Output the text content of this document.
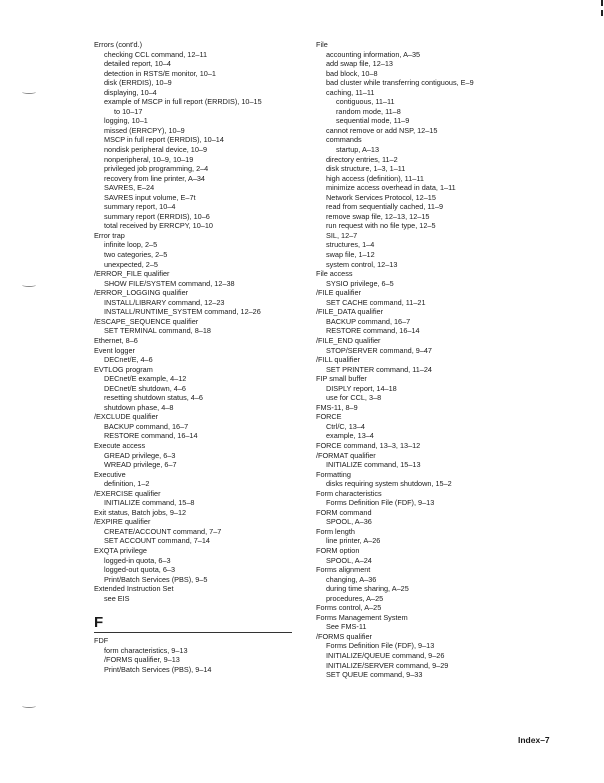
Errors (cont'd.)
checking CCL command, 12–11
detailed report, 10–4
detection in RSTS/E monitor, 10–1
disk (ERRDIS), 10–9
displaying, 10–4
example of MSCP in full report (ERRDIS), 10–15
to 10–17
logging, 10–1
missed (ERRCPY), 10–9
MSCP in full report (ERRDIS), 10–14
nondisk peripheral device, 10–9
nonperipheral, 10–9, 10–19
privileged job programming, 2–4
recovery from line printer, A–34
SAVRES, E–24
SAVRES input volume, E–7t
summary report, 10–4
summary report (ERRDIS), 10–6
total received by ERRCPY, 10–10
Error trap
infinite loop, 2–5
two categories, 2–5
unexpected, 2–5
/ERROR_FILE qualifier
SHOW FILE/SYSTEM command, 12–38
/ERROR_LOGGING qualifier
INSTALL/LIBRARY command, 12–23
INSTALL/RUNTIME_SYSTEM command, 12–26
/ESCAPE_SEQUENCE qualifier
SET TERMINAL command, 8–18
Ethernet, 8–6
Event logger
DECnet/E, 4–6
EVTLOG program
DECnet/E example, 4–12
DECnet/E shutdown, 4–6
resetting shutdown status, 4–6
shutdown phase, 4–8
/EXCLUDE qualifier
BACKUP command, 16–7
RESTORE command, 16–14
Execute access
GREAD privilege, 6–3
WREAD privilege, 6–7
Executive
definition, 1–2
/EXERCISE qualifier
INITIALIZE command, 15–8
Exit status, Batch jobs, 9–12
/EXPIRE qualifier
CREATE/ACCOUNT command, 7–7
SET ACCOUNT command, 7–14
EXQTA privilege
logged-in quota, 6–3
logged-out quota, 6–3
Print/Batch Services (PBS), 9–5
Extended Instruction Set
see EIS
F
FDF
form characteristics, 9–13
/FORMS qualifier, 9–13
Print/Batch Services (PBS), 9–14
File
accounting information, A–35
add swap file, 12–13
bad block, 10–8
bad cluster while transferring contiguous, E–9
caching, 11–11
contiguous, 11–11
random mode, 11–8
sequential mode, 11–9
cannot remove or add NSP, 12–15
commands
startup, A–13
directory entries, 11–2
disk structure, 1–3, 1–11
high access (definition), 11–11
minimize access overhead in data, 1–11
Network Services Protocol, 12–15
read from sequentially cached, 11–9
remove swap file, 12–13, 12–15
run request with no file type, 12–5
SIL, 12–7
structures, 1–4
swap file, 1–12
system control, 12–13
File access
SYSIO privilege, 6–5
/FILE qualifier
SET CACHE command, 11–21
/FILE_DATA qualifier
BACKUP command, 16–7
RESTORE command, 16–14
/FILE_END qualifier
STOP/SERVER command, 9–47
/FILL qualifier
SET PRINTER command, 11–24
FIP small buffer
DISPLY report, 14–18
use for CCL, 3–8
FMS-11, 8–9
FORCE
Ctrl/C, 13–4
example, 13–4
FORCE command, 13–3, 13–12
/FORMAT qualifier
INITIALIZE command, 15–13
Formatting
disks requiring system shutdown, 15–2
Form characteristics
Forms Definition File (FDF), 9–13
FORM command
SPOOL, A–36
Form length
line printer, A–26
FORM option
SPOOL, A–24
Forms alignment
changing, A–36
during time sharing, A–25
procedures, A–25
Forms control, A–25
Forms Management System
See FMS-11
/FORMS qualifier
Forms Definition File (FDF), 9–13
INITIALIZE/QUEUE command, 9–26
INITIALIZE/SERVER command, 9–29
SET QUEUE command, 9–33
Index–7
